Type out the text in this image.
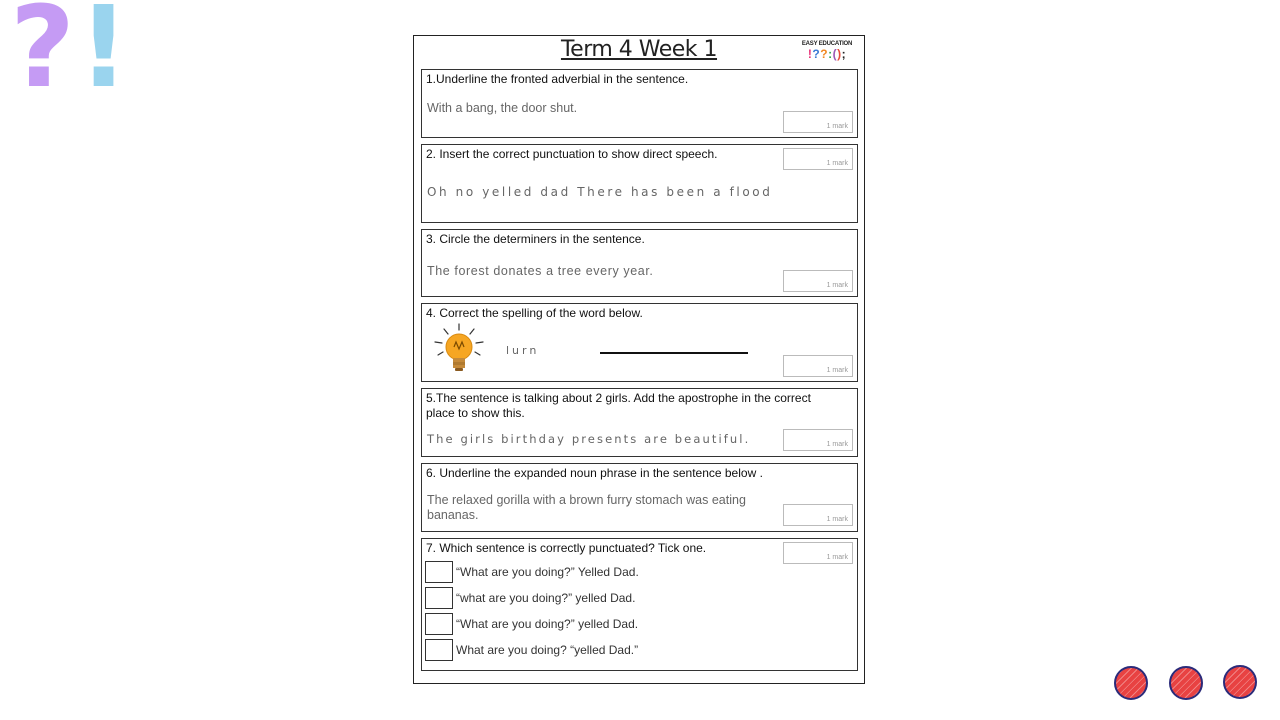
? !	Term 4 Week 1	EASY EDUCATION
!??:();
1.Underline the fronted adverbial in the sentence.
With a bang, the door shut.
1 mark
2. Insert the correct punctuation to show direct speech.
Oh no yelled dad There has been a flood
1 mark
3. Circle the determiners in the sentence.
The forest donates a tree every year.
1 mark
4. Correct the spelling of the word below.
lurn
1 mark
5.The sentence is talking about 2 girls. Add the apostrophe in the correct place to show this.
The girls birthday presents are beautiful.	1 mark
6. Underline the expanded noun phrase in the sentence below .
The relaxed gorilla with a brown furry stomach was eating bananas.	1 mark
7. Which sentence is correctly punctuated? Tick one.
1 mark
“What are you doing?” Yelled Dad.
“what are you doing?” yelled Dad.
“What are you doing?” yelled Dad.
What are you doing? “yelled Dad.”
